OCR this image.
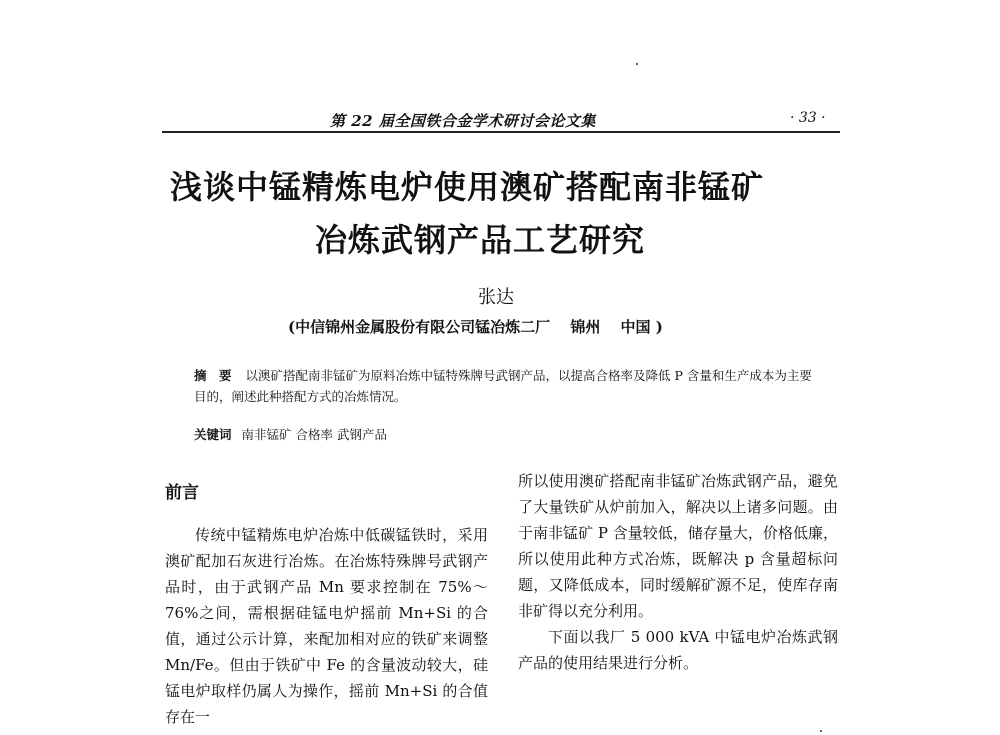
第 22 届全国铁合金学术研讨会论文集	· 33 ·
浅谈中锰精炼电炉使用澳矿搭配南非锰矿
冶炼武钢产品工艺研究
张达
(中信锦州金属股份有限公司锰冶炼二厂　 锦州　 中国 )
摘　要 以澳矿搭配南非锰矿为原料冶炼中锰特殊牌号武钢产品，以提高合格率及降低 P 含量和生产成本为主要目的，阐述此种搭配方式的冶炼情况。
关键词 南非锰矿 合格率 武钢产品
前言

传统中锰精炼电炉冶炼中低碳锰铁时，采用澳矿配加石灰进行冶炼。在冶炼特殊牌号武钢产品时，由于武钢产品 Mn 要求控制在 75%～76%之间，需根据硅锰电炉摇前 Mn+Si 的合值，通过公示计算，来配加相对应的铁矿来调整 Mn/Fe。但由于铁矿中 Fe 的含量波动较大，硅锰电炉取样仍属人为操作，摇前 Mn+Si 的合值存在一

所以使用澳矿搭配南非锰矿冶炼武钢产品，避免了大量铁矿从炉前加入，解决以上诸多问题。由于南非锰矿 P 含量较低，储存量大，价格低廉，所以使用此种方式冶炼，既解决 p 含量超标问题，又降低成本，同时缓解矿源不足，使库存南非矿得以充分利用。

下面以我厂 5 000 kVA 中锰电炉冶炼武钢产品的使用结果进行分析。
